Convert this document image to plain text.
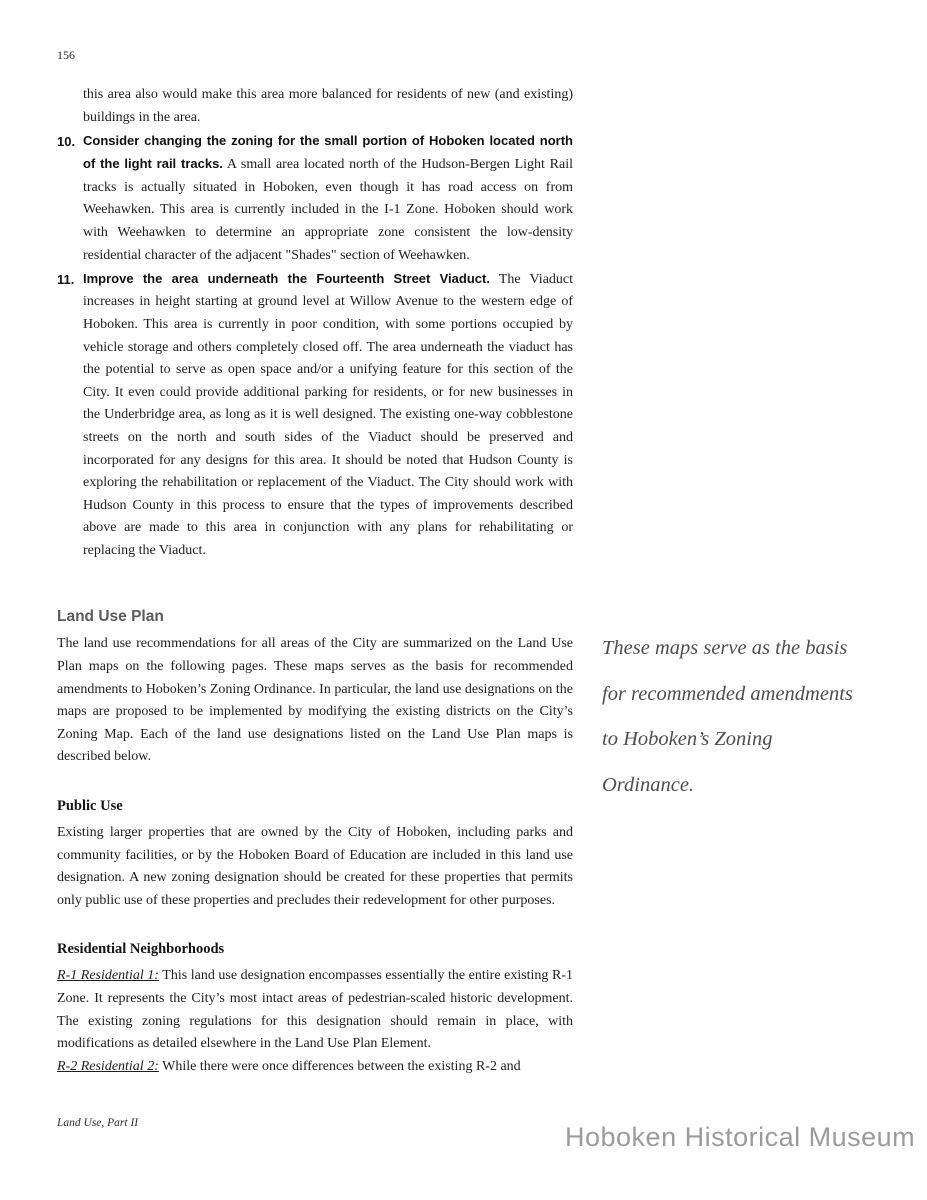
156

this area also would make this area more balanced for residents of new (and existing) buildings in the area.

10. Consider changing the zoning for the small portion of Hoboken located north of the light rail tracks. A small area located north of the Hudson-Bergen Light Rail tracks is actually situated in Hoboken, even though it has road access on from Weehawken. This area is currently included in the I-1 Zone. Hoboken should work with Weehawken to determine an appropriate zone consistent the low-density residential character of the adjacent "Shades" section of Weehawken.

11. Improve the area underneath the Fourteenth Street Viaduct. The Viaduct increases in height starting at ground level at Willow Avenue to the western edge of Hoboken. This area is currently in poor condition, with some portions occupied by vehicle storage and others completely closed off. The area underneath the viaduct has the potential to serve as open space and/or a unifying feature for this section of the City. It even could provide additional parking for residents, or for new businesses in the Underbridge area, as long as it is well designed. The existing one-way cobblestone streets on the north and south sides of the Viaduct should be preserved and incorporated for any designs for this area. It should be noted that Hudson County is exploring the rehabilitation or replacement of the Viaduct. The City should work with Hudson County in this process to ensure that the types of improvements described above are made to this area in conjunction with any plans for rehabilitating or replacing the Viaduct.

Land Use Plan

The land use recommendations for all areas of the City are summarized on the Land Use Plan maps on the following pages. These maps serves as the basis for recommended amendments to Hoboken’s Zoning Ordinance. In particular, the land use designations on the maps are proposed to be implemented by modifying the existing districts on the City’s Zoning Map. Each of the land use designations listed on the Land Use Plan maps is described below.

Public Use

Existing larger properties that are owned by the City of Hoboken, including parks and community facilities, or by the Hoboken Board of Education are included in this land use designation. A new zoning designation should be created for these properties that permits only public use of these properties and precludes their redevelopment for other purposes.

Residential Neighborhoods

R-1 Residential 1: This land use designation encompasses essentially the entire existing R-1 Zone. It represents the City’s most intact areas of pedestrian-scaled historic development. The existing zoning regulations for this designation should remain in place, with modifications as detailed elsewhere in the Land Use Plan Element.

R-2 Residential 2: While there were once differences between the existing R-2 and

These maps serve as the basis for recommended amendments to Hoboken’s Zoning Ordinance.
Land Use, Part II	Hoboken Historical Museum
